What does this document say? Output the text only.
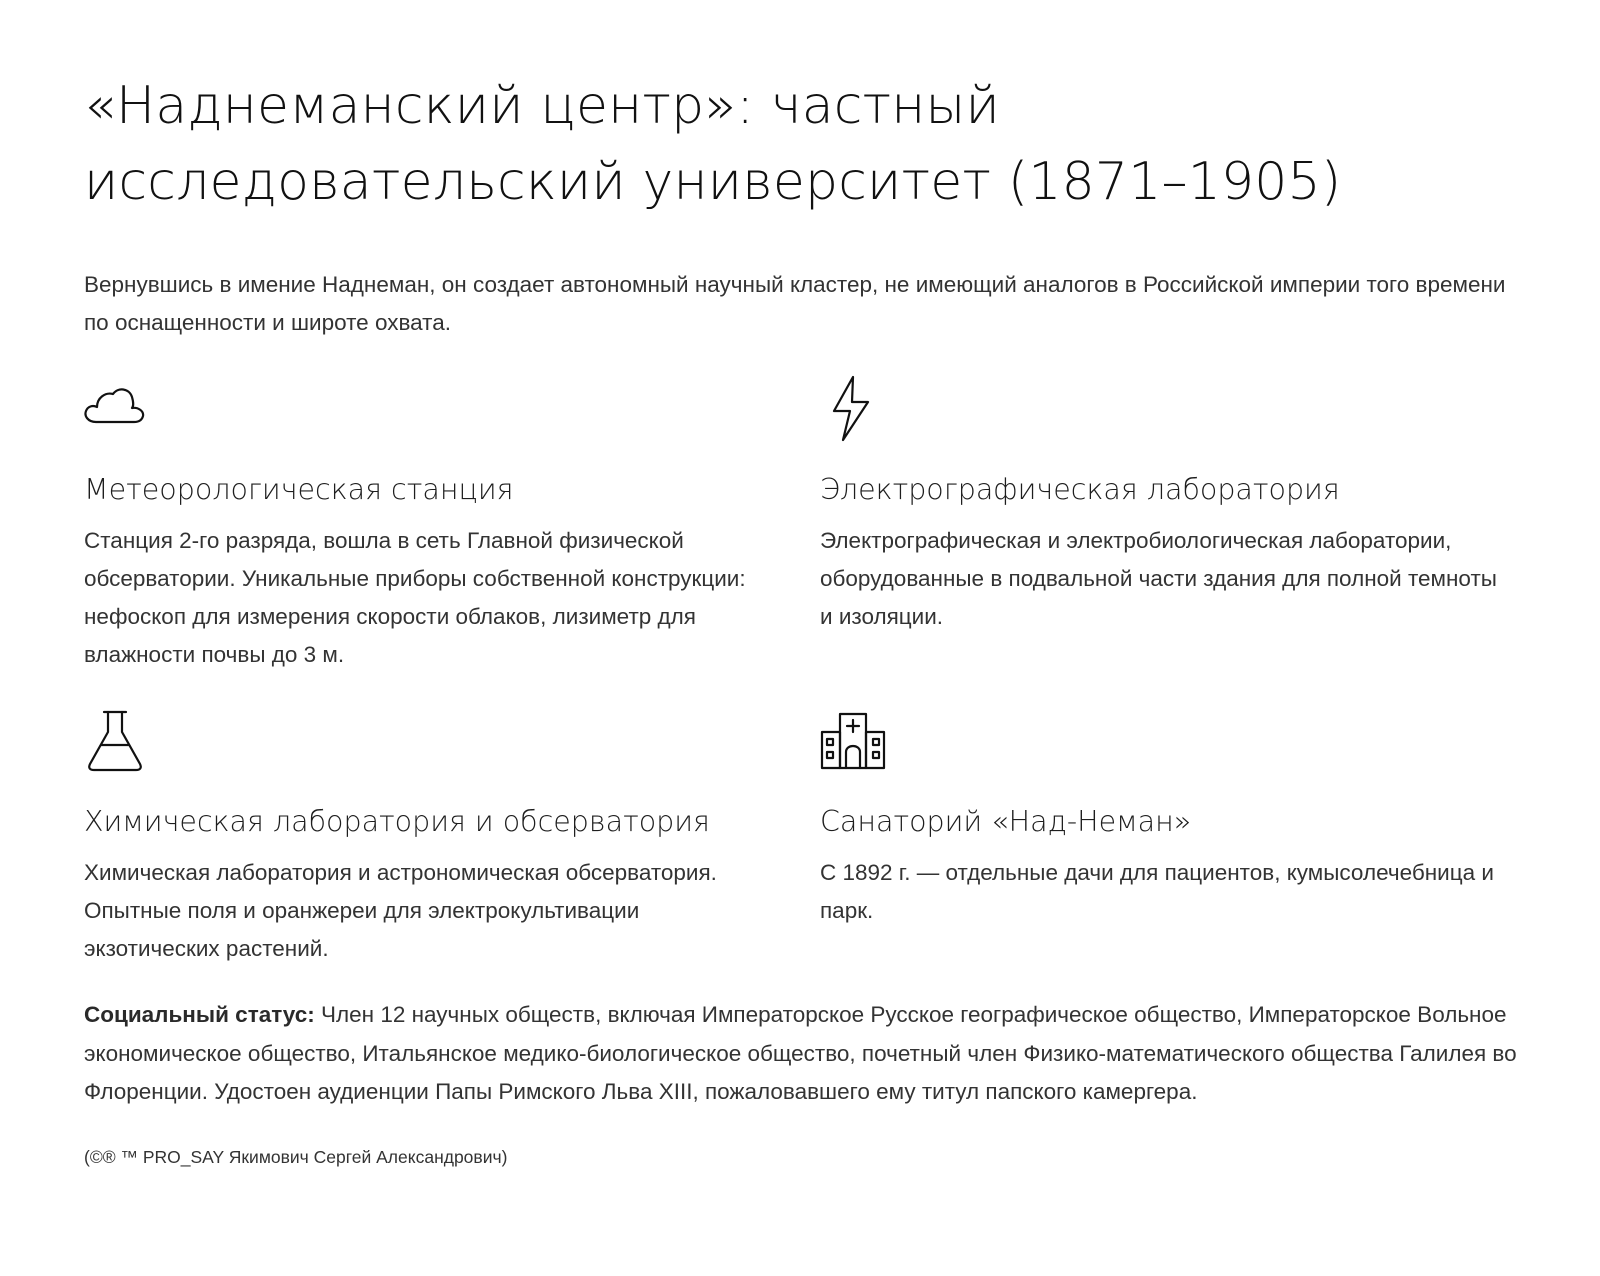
«Наднеманский центр»: частный
исследовательский университет (1871–1905)

Вернувшись в имение Наднеман, он создает автономный научный кластер, не имеющий аналогов в Российской империи того времени по оснащенности и широте охвата.

Метеорологическая станция

Станция 2-го разряда, вошла в сеть Главной физической обсерватории. Уникальные приборы собственной конструкции: нефоскоп для измерения скорости облаков, лизиметр для влажности почвы до 3 м.

Электрографическая лаборатория

Электрографическая и электробиологическая лаборатории, оборудованные в подвальной части здания для полной темноты и изоляции.

Химическая лаборатория и обсерватория

Химическая лаборатория и астрономическая обсерватория. Опытные поля и оранжереи для электрокультивации экзотических растений.

Санаторий «Над-Неман»

С 1892 г. — отдельные дачи для пациентов, кумысолечебница и парк.

Социальный статус: Член 12 научных обществ, включая Императорское Русское географическое общество, Императорское Вольное экономическое общество, Итальянское медико-биологическое общество, почетный член Физико-математического общества Галилея во Флоренции. Удостоен аудиенции Папы Римского Льва XIII, пожаловавшего ему титул папского камергера.

(©® ™ PRO_SAY Якимович Сергей Александрович)
